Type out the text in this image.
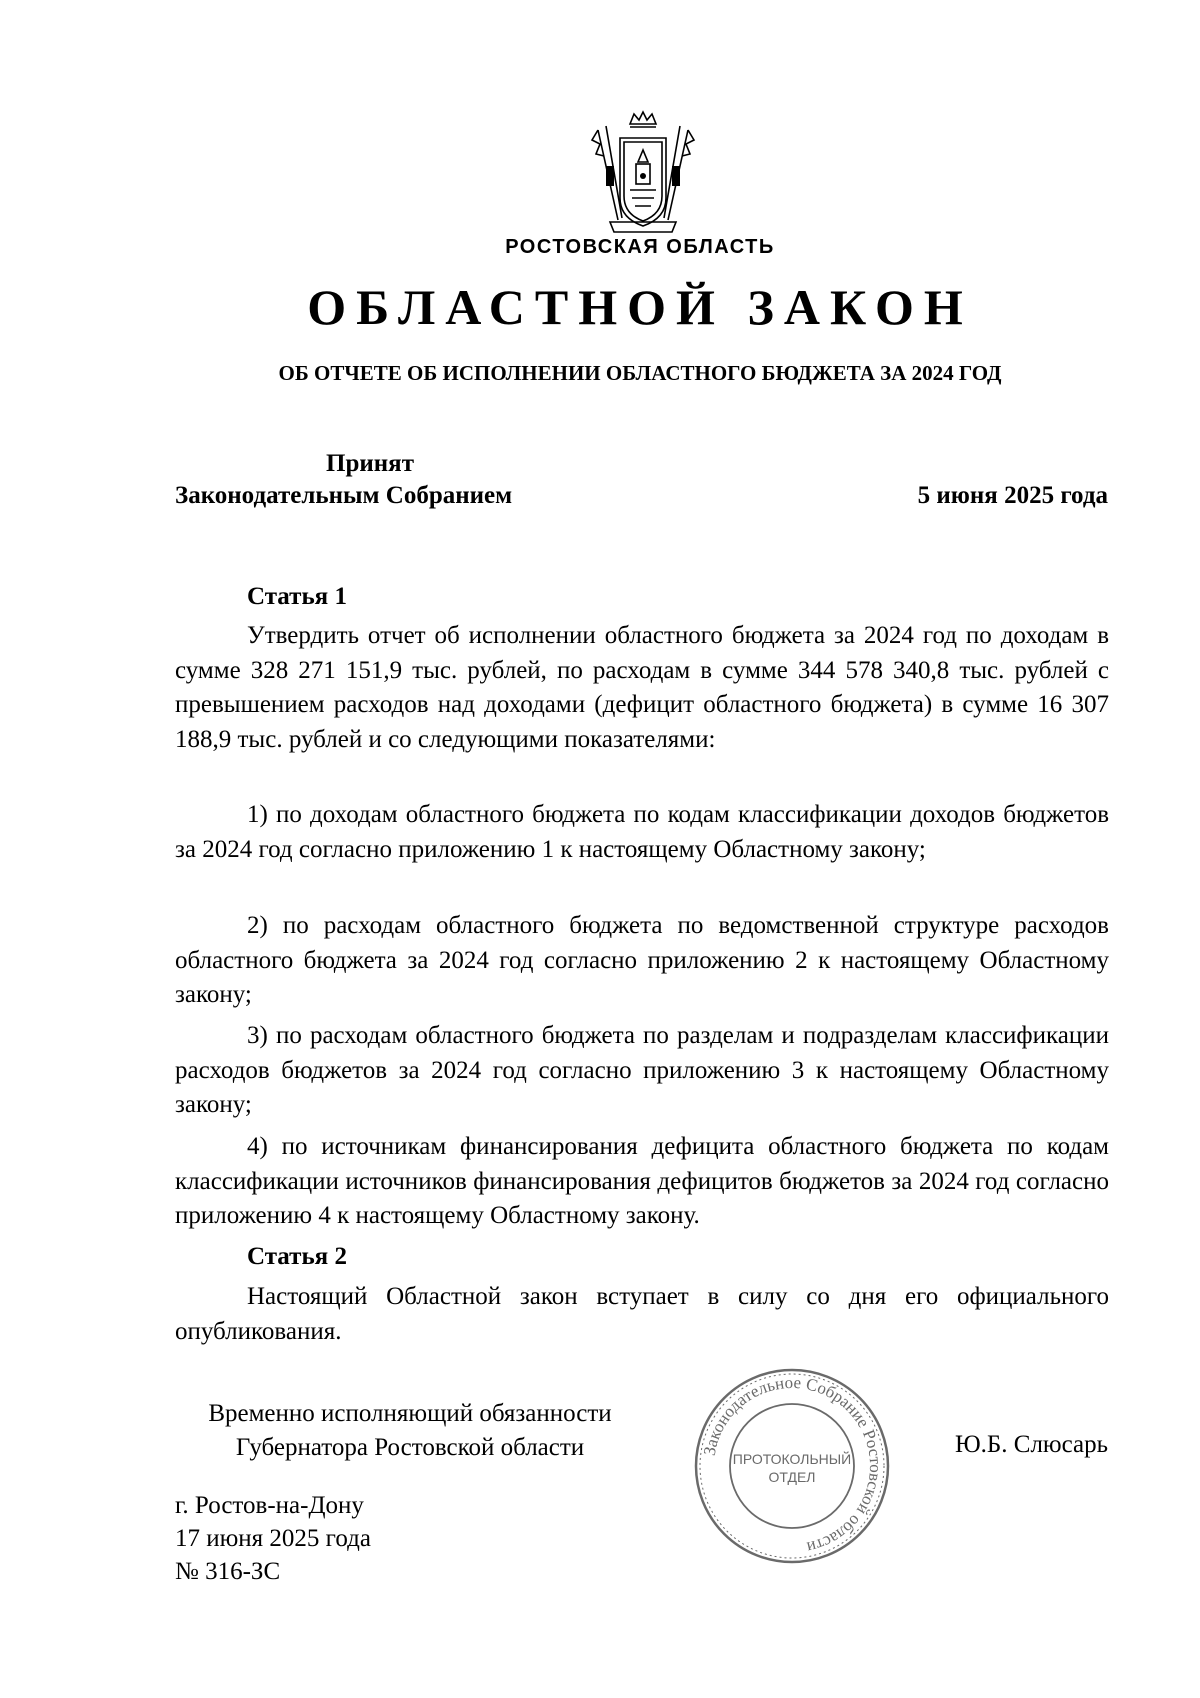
РОСТОВСКАЯ ОБЛАСТЬ
ОБЛАСТНОЙ ЗАКОН
ОБ ОТЧЕТЕ ОБ ИСПОЛНЕНИИ ОБЛАСТНОГО БЮДЖЕТА ЗА 2024 ГОД
Принят
Законодательным Собранием	5 июня 2025 года
Статья 1

Утвердить отчет об исполнении областного бюджета за 2024 год по доходам в сумме 328 271 151,9 тыс. рублей, по расходам в сумме 344 578 340,8 тыс. рублей с превышением расходов над доходами (дефицит областного бюджета) в сумме 16 307 188,9 тыс. рублей и со следующими показателями:

1) по доходам областного бюджета по кодам классификации доходов бюджетов за 2024 год согласно приложению 1 к настоящему Областному закону;

2) по расходам областного бюджета по ведомственной структуре расходов областного бюджета за 2024 год согласно приложению 2 к настоящему Областному закону;

3) по расходам областного бюджета по разделам и подразделам классификации расходов бюджетов за 2024 год согласно приложению 3 к настоящему Областному закону;

4) по источникам финансирования дефицита областного бюджета по кодам классификации источников финансирования дефицитов бюджетов за 2024 год согласно приложению 4 к настоящему Областному закону.

Статья 2

Настоящий Областной закон вступает в силу со дня его официального опубликования.

Временно исполняющий обязанности
Губернатора Ростовской области	Ю.Б. Слюсарь
Законодательное Собрание Ростовской области
ПРОТОКОЛЬНЫЙ
ОТДЕЛ
г. Ростов-на-Дону
17 июня 2025 года
№ 316-ЗС
